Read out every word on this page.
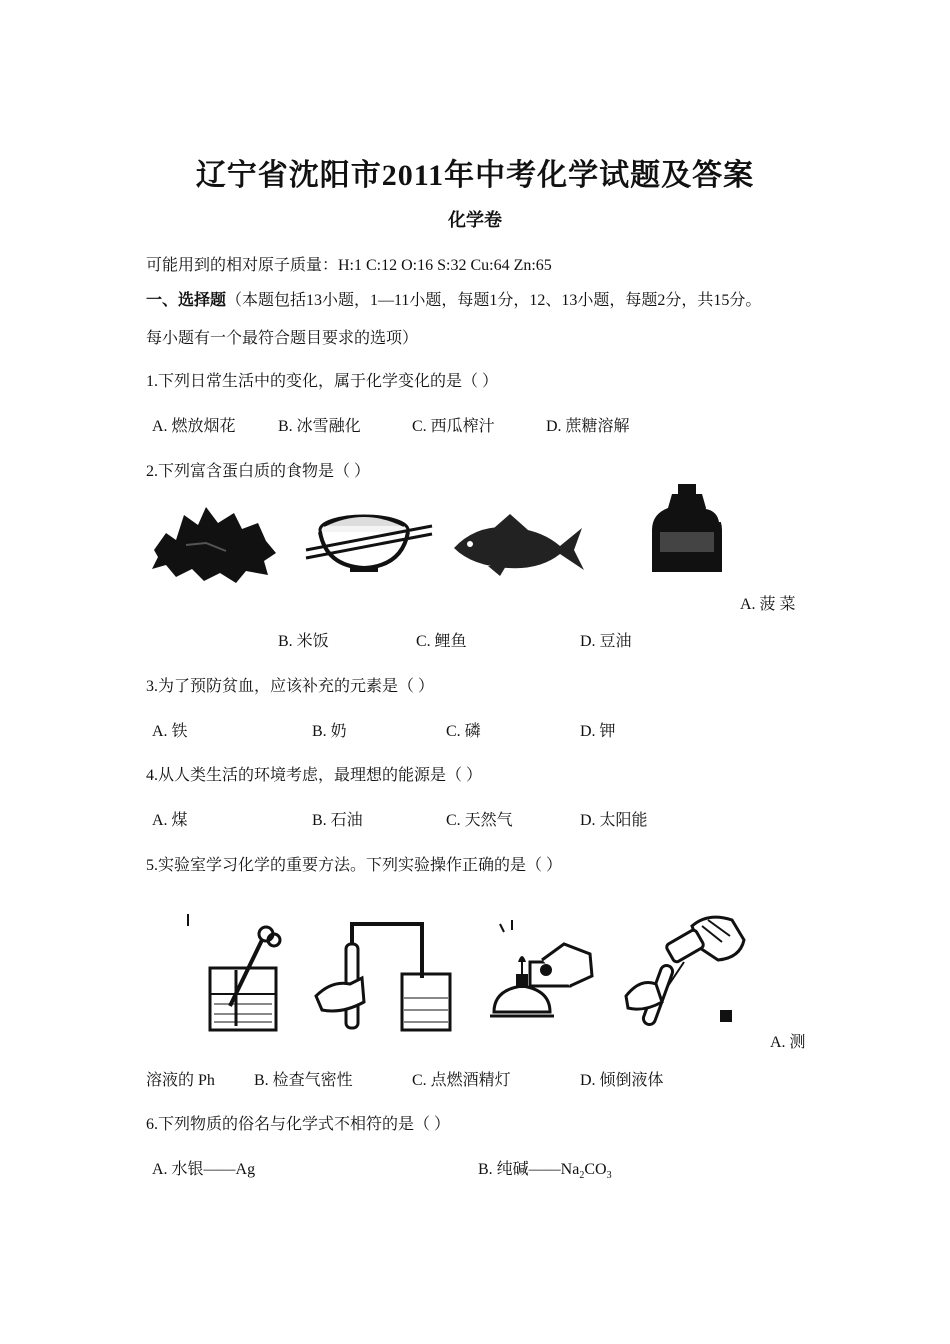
辽宁省沈阳市2011年中考化学试题及答案
化学卷
可能用到的相对原子质量：H:1 C:12 O:16 S:32 Cu:64 Zn:65
一、选择题（本题包括13小题，1—11小题，每题1分，12、13小题，每题2分，共15分。
每小题有一个最符合题目要求的选项）
1.下列日常生活中的变化，属于化学变化的是（ ）
A. 燃放烟花	B. 冰雪融化	C. 西瓜榨汁	D. 蔗糖溶解
2.下列富含蛋白质的食物是（ ）
A. 菠 菜
B. 米饭	C. 鲤鱼	D. 豆油
3.为了预防贫血，应该补充的元素是（ ）
A. 铁	B. 奶	C. 磷	D. 钾
4.从人类生活的环境考虑，最理想的能源是（ ）
A. 煤	B. 石油	C. 天然气	D. 太阳能
5.实验室学习化学的重要方法。下列实验操作正确的是（ ）
A. 测
溶液的 Ph B. 检查气密性	C. 点燃酒精灯	D. 倾倒液体
6.下列物质的俗名与化学式不相符的是（ ）
A. 水银——Ag	B. 纯碱$——Na_2CO_3$
